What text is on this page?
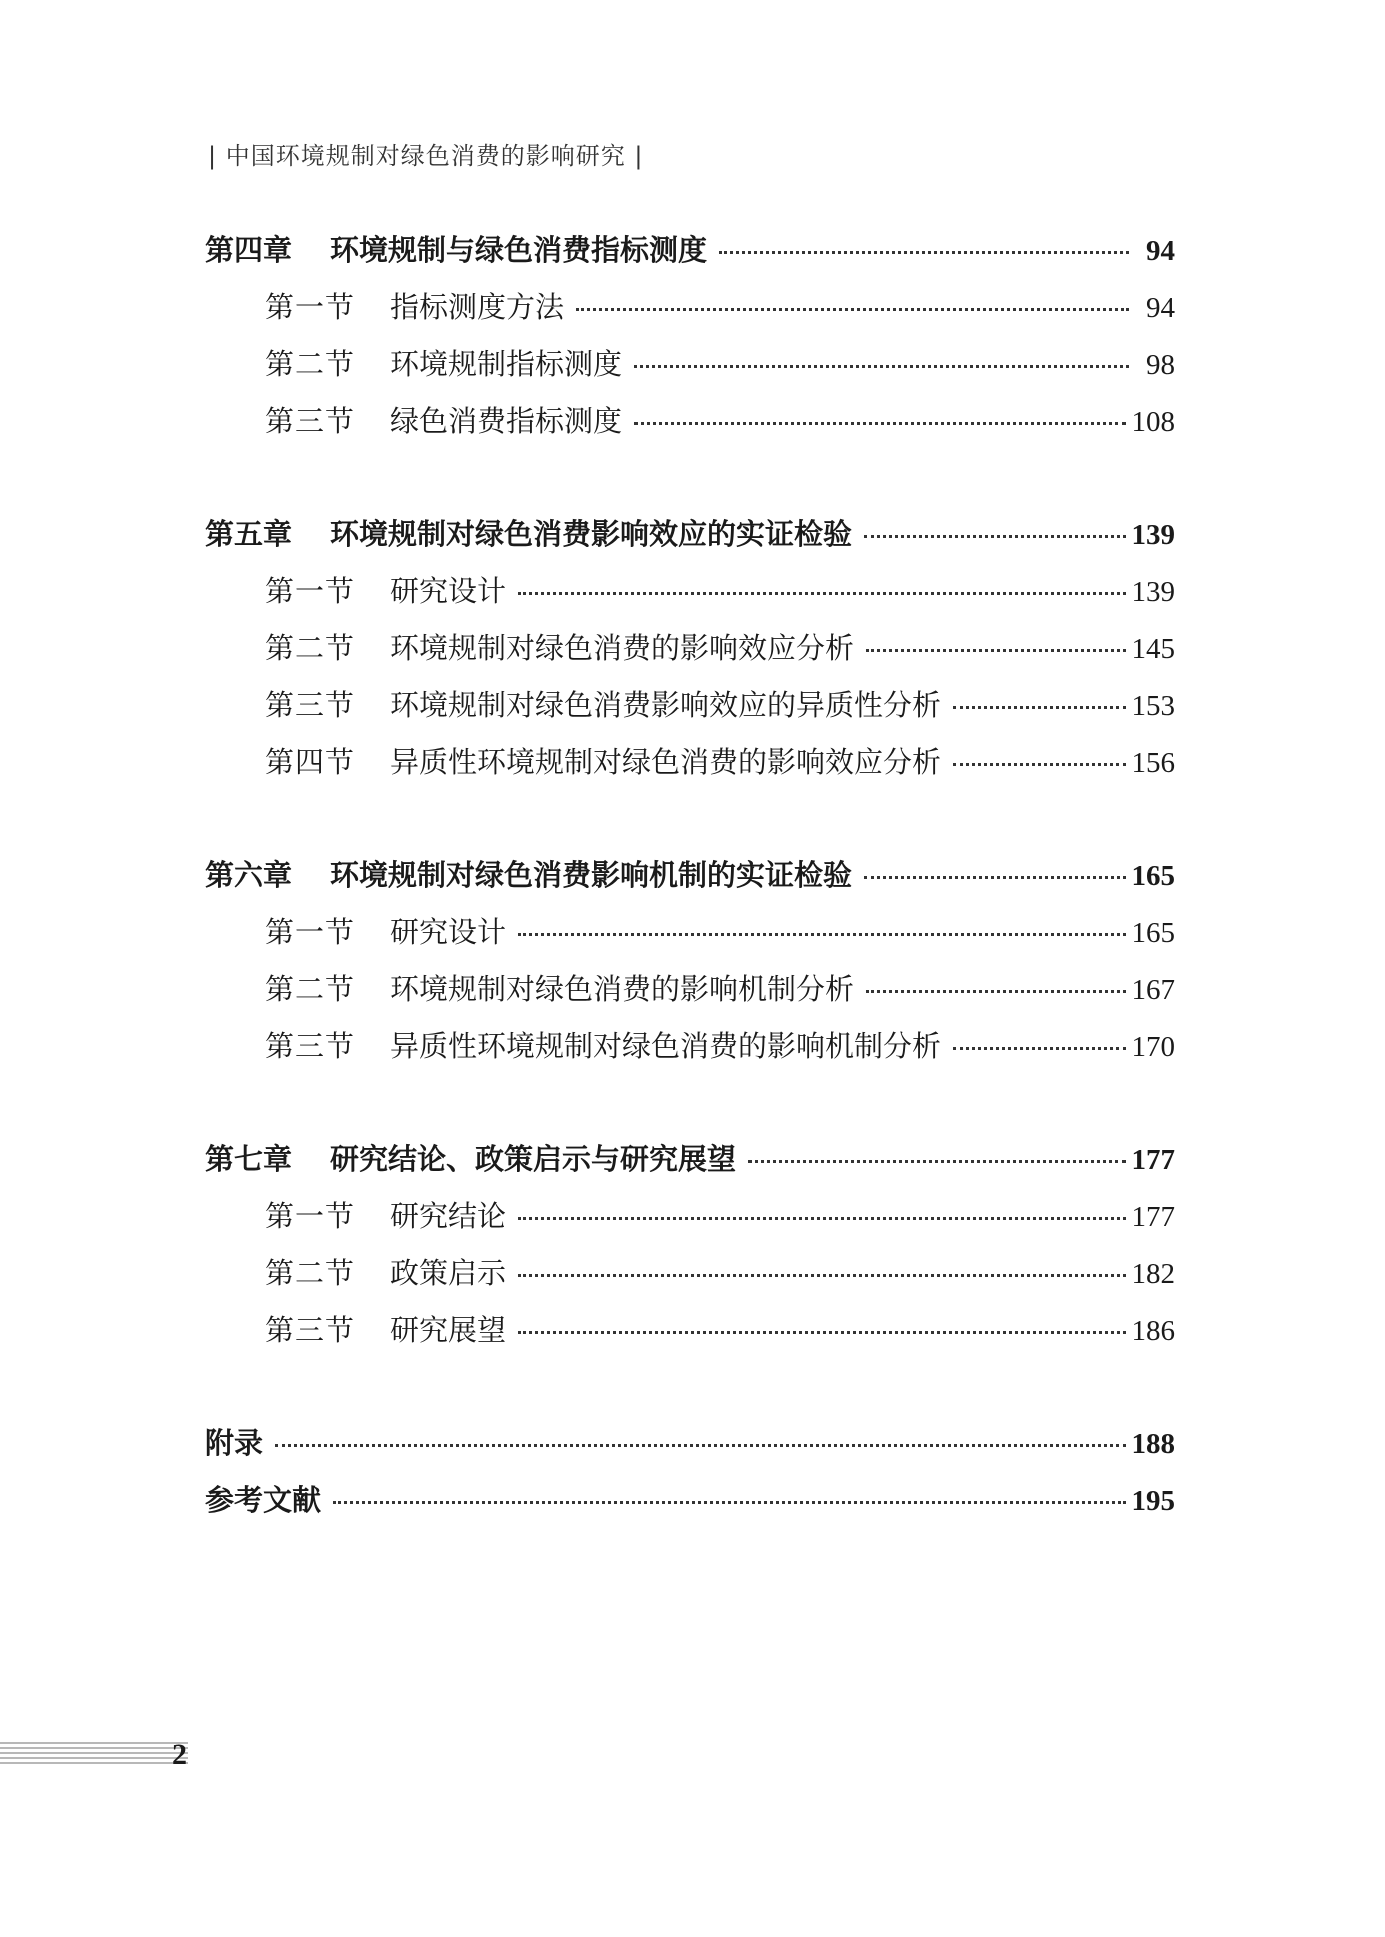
| 中国环境规制对绿色消费的影响研究 |
第四章	环境规制与绿色消费指标测度	94
第一节	指标测度方法	94
第二节	环境规制指标测度	98
第三节	绿色消费指标测度	108
第五章	环境规制对绿色消费影响效应的实证检验	139
第一节	研究设计	139
第二节	环境规制对绿色消费的影响效应分析	145
第三节	环境规制对绿色消费影响效应的异质性分析	153
第四节	异质性环境规制对绿色消费的影响效应分析	156
第六章	环境规制对绿色消费影响机制的实证检验	165
第一节	研究设计	165
第二节	环境规制对绿色消费的影响机制分析	167
第三节	异质性环境规制对绿色消费的影响机制分析	170
第七章	研究结论、政策启示与研究展望	177
第一节	研究结论	177
第二节	政策启示	182
第三节	研究展望	186
附录	188
参考文献	195
2
